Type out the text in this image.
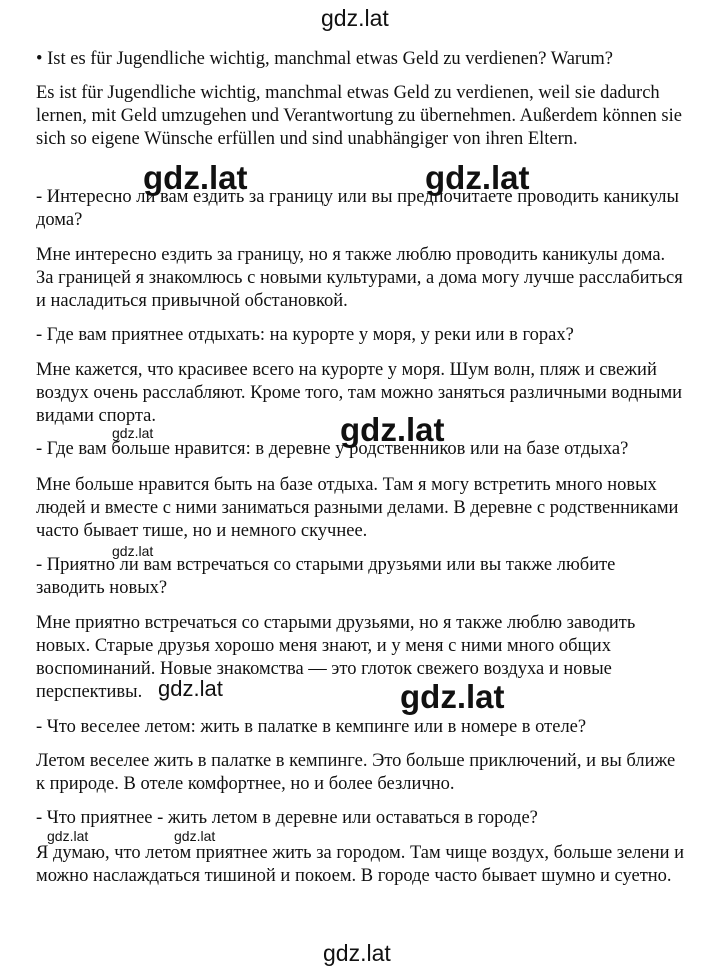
• Ist es für Jugendliche wichtig, manchmal etwas Geld zu verdienen? Warum?

Es ist für Jugendliche wichtig, manchmal etwas Geld zu verdienen, weil sie dadurch lernen, mit Geld umzugehen und Verantwortung zu übernehmen. Außerdem können sie sich so eigene Wünsche erfüllen und sind unabhängiger von ihren Eltern.

- Интересно ли вам ездить за границу или вы предпочитаете проводить каникулы дома?

Мне интересно ездить за границу, но я также люблю проводить каникулы дома. За границей я знакомлюсь с новыми культурами, а дома могу лучше расслабиться и насладиться привычной обстановкой.

- Где вам приятнее отдыхать: на курорте у моря, у реки или в горах?

Мне кажется, что красивее всего на курорте у моря. Шум волн, пляж и свежий воздух очень расслабляют. Кроме того, там можно заняться различными водными видами спорта.

- Где вам больше нравится: в деревне у родственников или на базе отдыха?

Мне больше нравится быть на базе отдыха. Там я могу встретить много новых людей и вместе с ними заниматься разными делами. В деревне с родственниками часто бывает тише, но и немного скучнее.

- Приятно ли вам встречаться со старыми друзьями или вы также любите заводить новых?

Мне приятно встречаться со старыми друзьями, но я также люблю заводить новых. Старые друзья хорошо меня знают, и у меня с ними много общих воспоминаний. Новые знакомства — это глоток свежего воздуха и новые перспективы.

- Что веселее летом: жить в палатке в кемпинге или в номере в отеле?

Летом веселее жить в палатке в кемпинге. Это больше приключений, и вы ближе к природе. В отеле комфортнее, но и более безлично.

- Что приятнее - жить летом в деревне или оставаться в городе?

Я думаю, что летом приятнее жить за городом. Там чище воздух, больше зелени и можно наслаждаться тишиной и покоем. В городе часто бывает шумно и суетно.

gdz.lat
gdz.lat	gdz.lat
gdz.lat	gdz.lat
gdz.lat
gdz.lat	gdz.lat
gdz.lat	gdz.lat
gdz.lat
